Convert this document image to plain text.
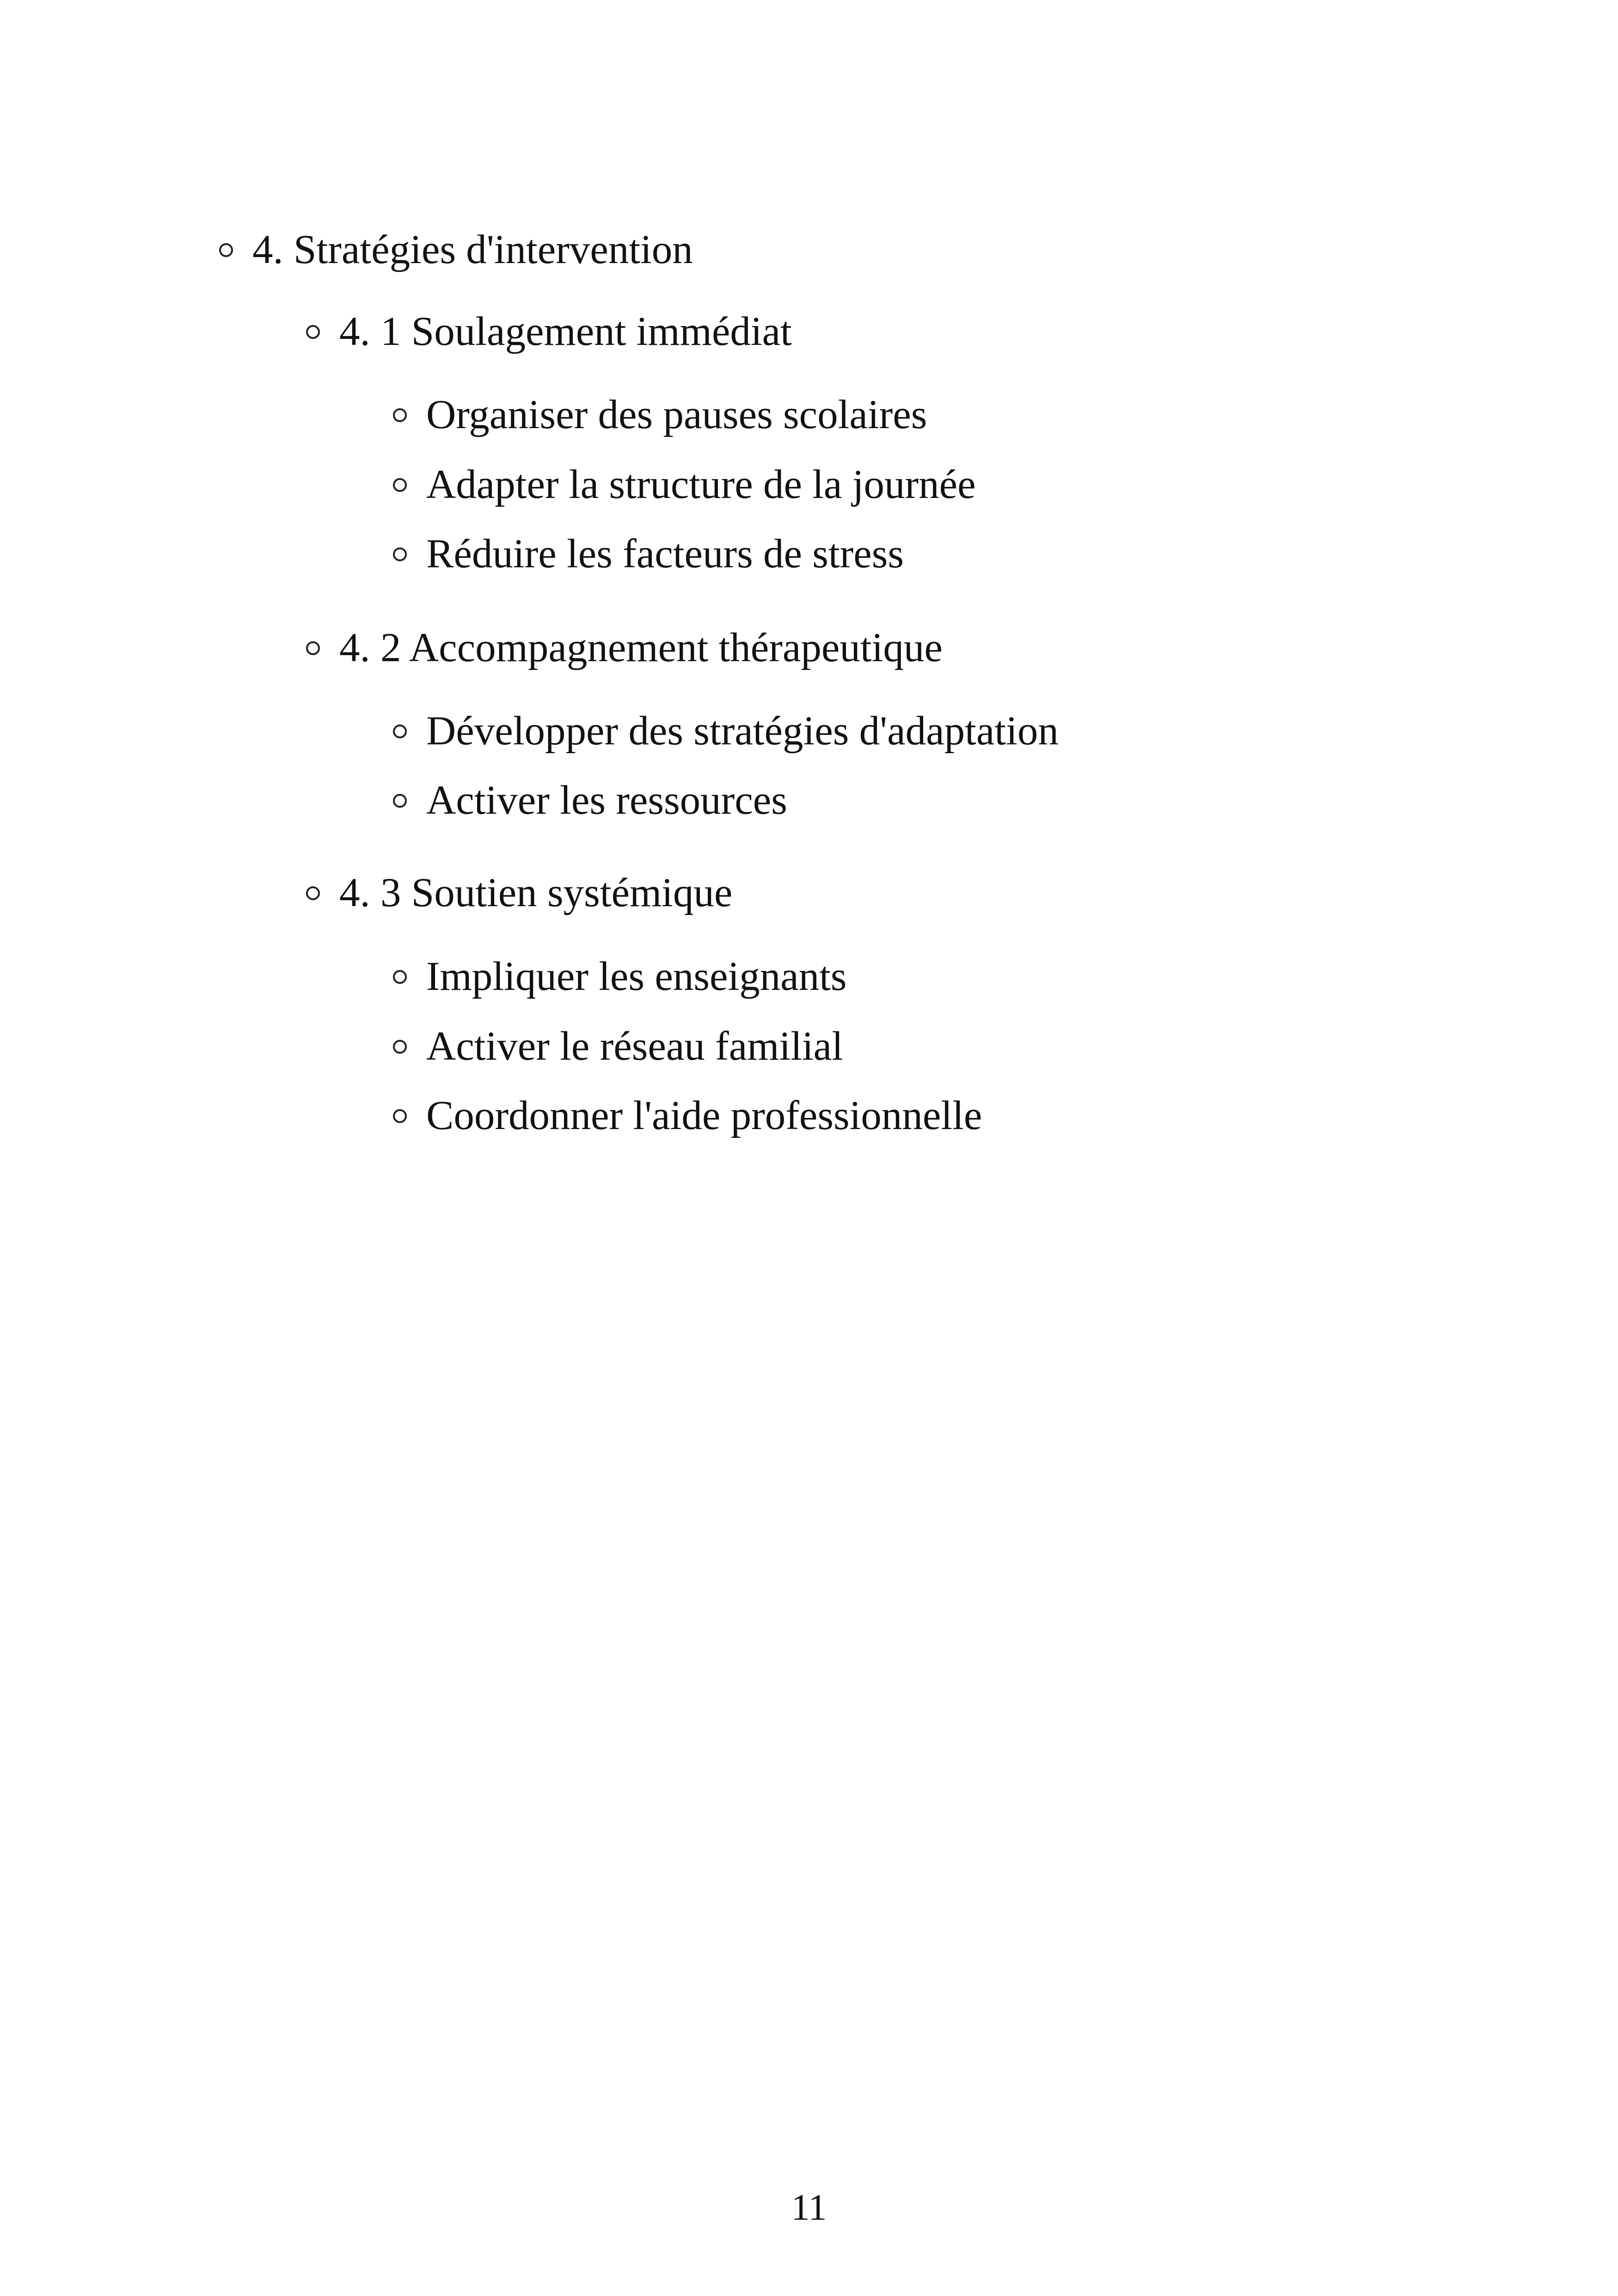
4. Stratégies d'intervention
4. 1 Soulagement immédiat
Organiser des pauses scolaires
Adapter la structure de la journée
Réduire les facteurs de stress
4. 2 Accompagnement thérapeutique
Développer des stratégies d'adaptation
Activer les ressources
4. 3 Soutien systémique
Impliquer les enseignants
Activer le réseau familial
Coordonner l'aide professionnelle
11
